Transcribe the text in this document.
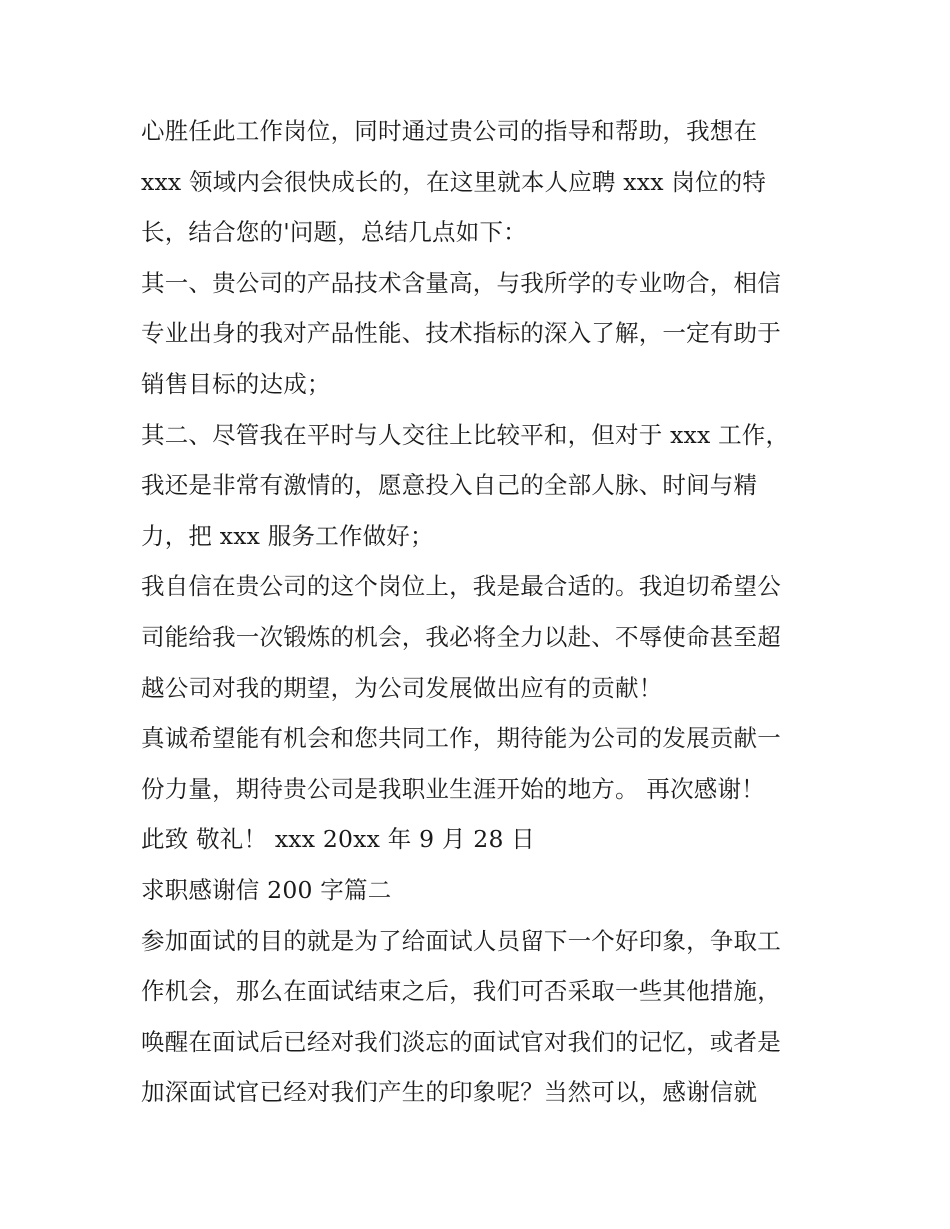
心胜任此工作岗位，同时通过贵公司的指导和帮助，我想在
xxx 领域内会很快成长的，在这里就本人应聘 xxx 岗位的特
长，结合您的'问题，总结几点如下：
其一、贵公司的产品技术含量高，与我所学的专业吻合，相信
专业出身的我对产品性能、技术指标的深入了解，一定有助于
销售目标的达成；
其二、尽管我在平时与人交往上比较平和，但对于 xxx 工作，
我还是非常有激情的，愿意投入自己的全部人脉、时间与精
力，把 xxx 服务工作做好；
我自信在贵公司的这个岗位上，我是最合适的。我迫切希望公
司能给我一次锻炼的机会，我必将全力以赴、不辱使命甚至超
越公司对我的期望，为公司发展做出应有的贡献！
真诚希望能有机会和您共同工作，期待能为公司的发展贡献一
份力量，期待贵公司是我职业生涯开始的地方。 再次感谢！
此致 敬礼！ xxx 20xx 年 9 月 28 日
求职感谢信 200 字篇二
参加面试的目的就是为了给面试人员留下一个好印象，争取工
作机会，那么在面试结束之后，我们可否采取一些其他措施，
唤醒在面试后已经对我们淡忘的面试官对我们的记忆，或者是
加深面试官已经对我们产生的印象呢？当然可以，感谢信就
